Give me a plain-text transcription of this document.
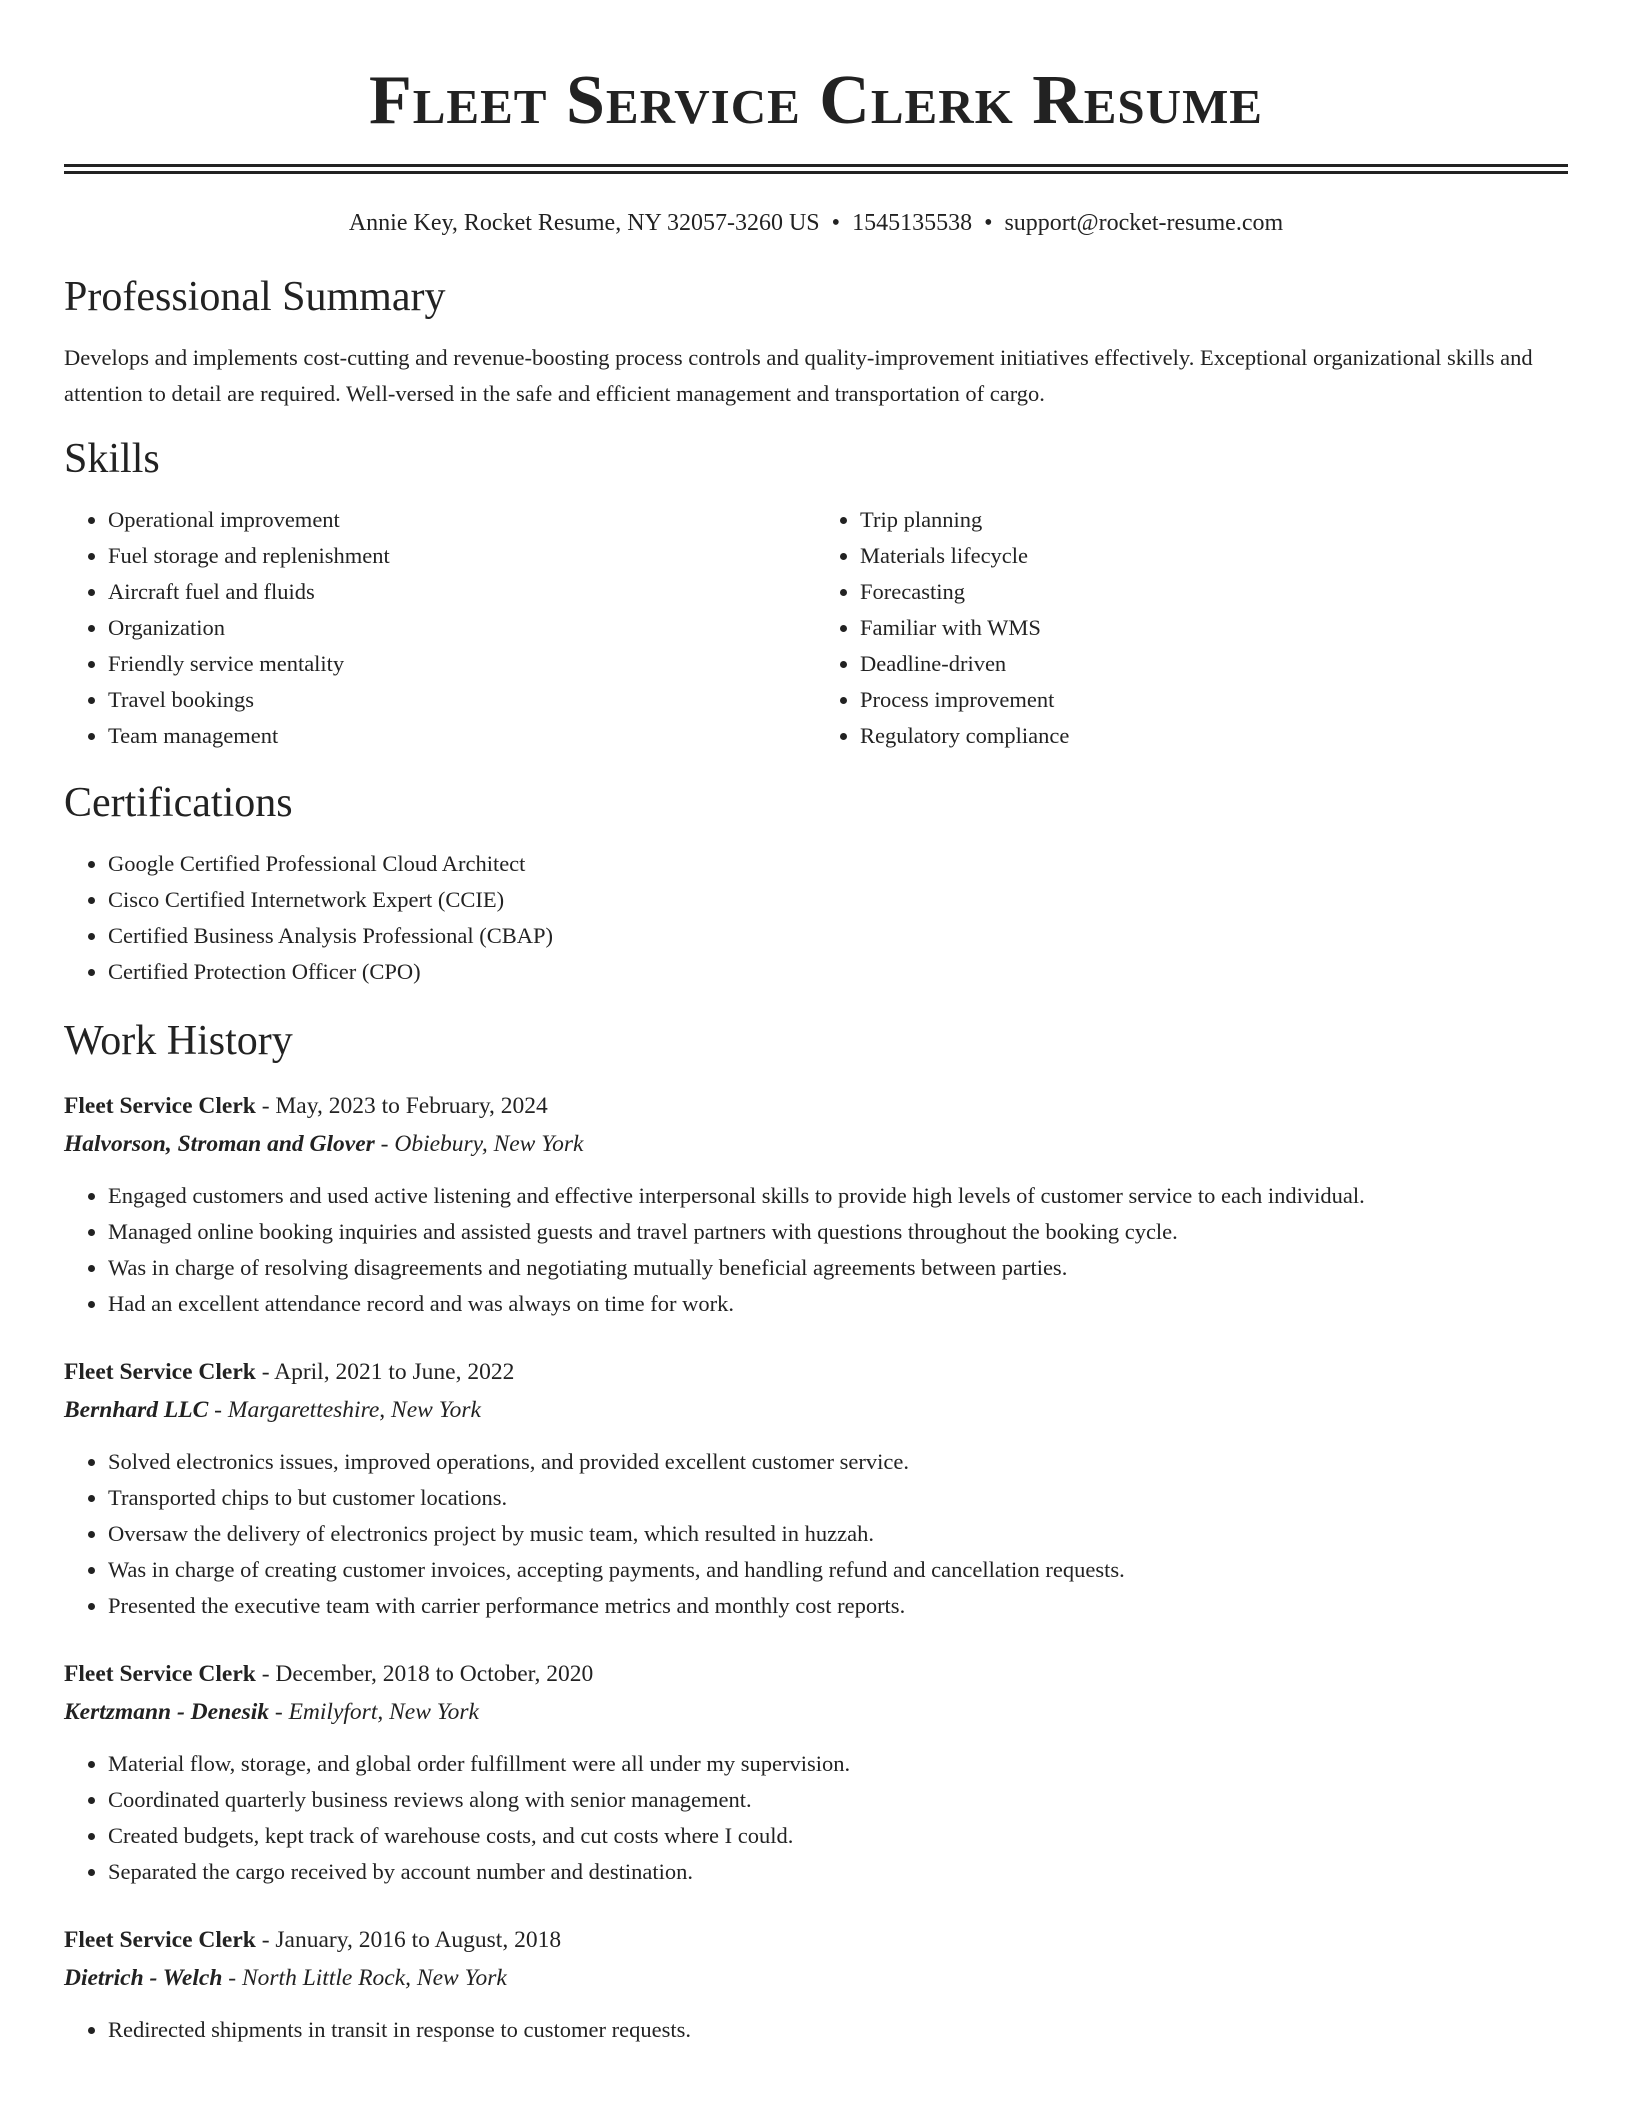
Fleet Service Clerk Resume
Annie Key, Rocket Resume, NY 32057-3260 US • 1545135538 • support@rocket-resume.com
Professional Summary

Develops and implements cost-cutting and revenue-boosting process controls and quality-improvement initiatives effectively. Exceptional organizational skills and attention to detail are required. Well-versed in the safe and efficient management and transportation of cargo.

Skills
• Operational improvement
• Fuel storage and replenishment
• Aircraft fuel and fluids
• Organization
• Friendly service mentality
• Travel bookings
• Team management
• Trip planning
• Materials lifecycle
• Forecasting
• Familiar with WMS
• Deadline-driven
• Process improvement
• Regulatory compliance
Certifications
• Google Certified Professional Cloud Architect
• Cisco Certified Internetwork Expert (CCIE)
• Certified Business Analysis Professional (CBAP)
• Certified Protection Officer (CPO)
Work History
Fleet Service Clerk - May, 2023 to February, 2024
Halvorson, Stroman and Glover - Obiebury, New York
• Engaged customers and used active listening and effective interpersonal skills to provide high levels of customer service to each individual.
• Managed online booking inquiries and assisted guests and travel partners with questions throughout the booking cycle.
• Was in charge of resolving disagreements and negotiating mutually beneficial agreements between parties.
• Had an excellent attendance record and was always on time for work.
Fleet Service Clerk - April, 2021 to June, 2022
Bernhard LLC - Margaretteshire, New York
• Solved electronics issues, improved operations, and provided excellent customer service.
• Transported chips to but customer locations.
• Oversaw the delivery of electronics project by music team, which resulted in huzzah.
• Was in charge of creating customer invoices, accepting payments, and handling refund and cancellation requests.
• Presented the executive team with carrier performance metrics and monthly cost reports.
Fleet Service Clerk - December, 2018 to October, 2020
Kertzmann - Denesik - Emilyfort, New York
• Material flow, storage, and global order fulfillment were all under my supervision.
• Coordinated quarterly business reviews along with senior management.
• Created budgets, kept track of warehouse costs, and cut costs where I could.
• Separated the cargo received by account number and destination.
Fleet Service Clerk - January, 2016 to August, 2018
Dietrich - Welch - North Little Rock, New York
• Redirected shipments in transit in response to customer requests.
